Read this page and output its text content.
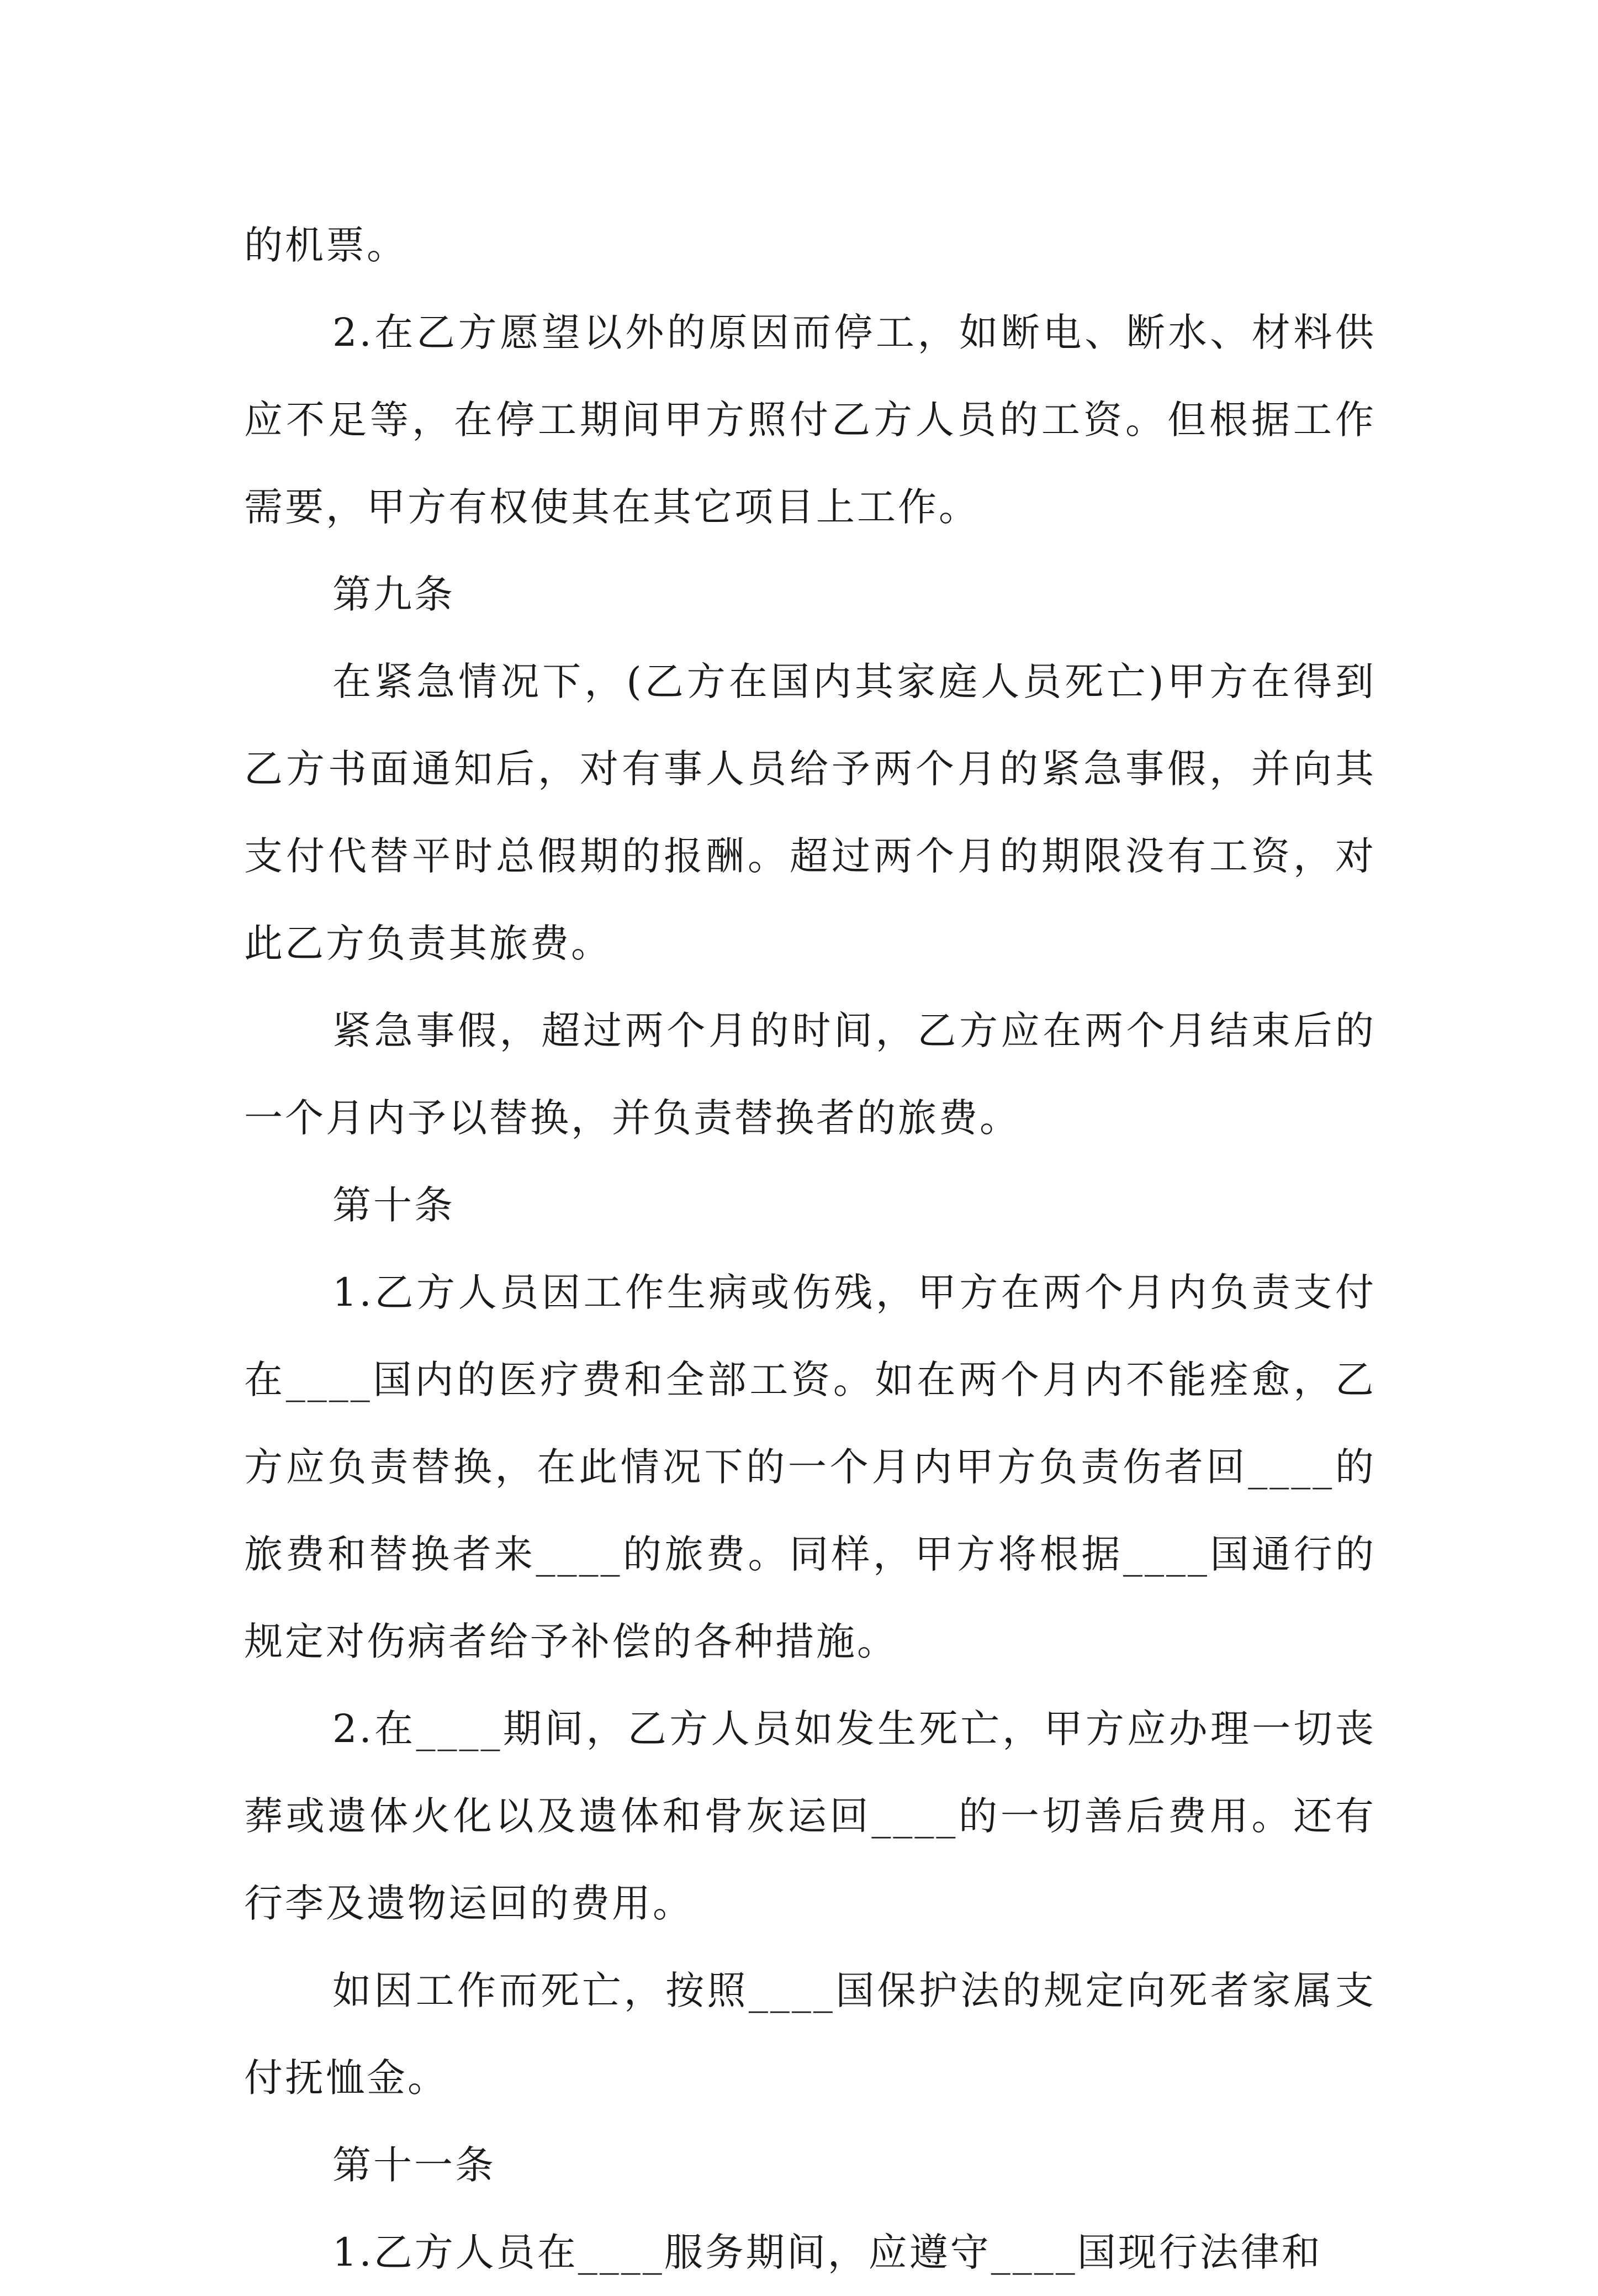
的机票。

2.在乙方愿望以外的原因而停工，如断电、断水、材料供应不足等，在停工期间甲方照付乙方人员的工资。但根据工作需要，甲方有权使其在其它项目上工作。

第九条

在紧急情况下，(乙方在国内其家庭人员死亡)甲方在得到乙方书面通知后，对有事人员给予两个月的紧急事假，并向其支付代替平时总假期的报酬。超过两个月的期限没有工资，对此乙方负责其旅费。

紧急事假，超过两个月的时间，乙方应在两个月结束后的一个月内予以替换，并负责替换者的旅费。

第十条

1.乙方人员因工作生病或伤残，甲方在两个月内负责支付在____国内的医疗费和全部工资。如在两个月内不能痊愈，乙方应负责替换，在此情况下的一个月内甲方负责伤者回____的旅费和替换者来____的旅费。同样，甲方将根据____国通行的规定对伤病者给予补偿的各种措施。

2.在____期间，乙方人员如发生死亡，甲方应办理一切丧葬或遗体火化以及遗体和骨灰运回____的一切善后费用。还有行李及遗物运回的费用。

如因工作而死亡，按照____国保护法的规定向死者家属支付抚恤金。

第十一条

1.乙方人员在____服务期间，应遵守____国现行法律和
